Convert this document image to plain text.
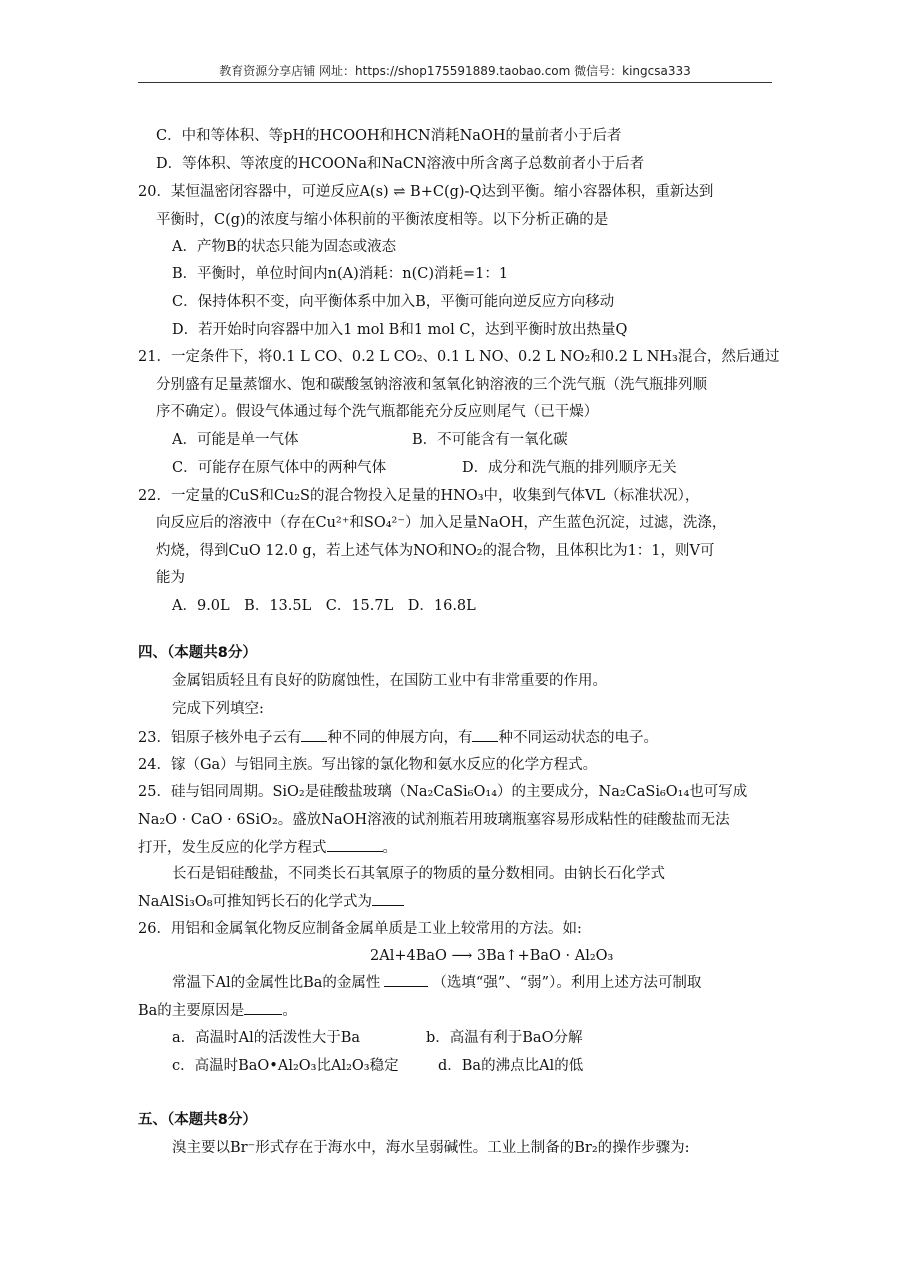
教育资源分享店铺 网址：https://shop175591889.taobao.com 微信号：kingcsa333
C．中和等体积、等pH的HCOOH和HCN消耗NaOH的量前者小于后者
D．等体积、等浓度的HCOONa和NaCN溶液中所含离子总数前者小于后者
20．某恒温密闭容器中，可逆反应A(s) ⇌ B+C(g)-Q达到平衡。缩小容器体积，重新达到
平衡时，C(g)的浓度与缩小体积前的平衡浓度相等。以下分析正确的是
A．产物B的状态只能为固态或液态
B．平衡时，单位时间内n(A)消耗：n(C)消耗=1：1
C．保持体积不变，向平衡体系中加入B，平衡可能向逆反应方向移动
D．若开始时向容器中加入1 mol B和1 mol C，达到平衡时放出热量Q
21．一定条件下，将0.1 L CO、0.2 L CO₂、0.1 L NO、0.2 L NO₂和0.2 L NH₃混合，然后通过
分别盛有足量蒸馏水、饱和碳酸氢钠溶液和氢氧化钠溶液的三个洗气瓶（洗气瓶排列顺
序不确定）。假设气体通过每个洗气瓶都能充分反应则尾气（已干燥）
A．可能是单一气体	B．不可能含有一氧化碳
C．可能存在原气体中的两种气体	D．成分和洗气瓶的排列顺序无关
22．一定量的CuS和Cu₂S的混合物投入足量的HNO₃中，收集到气体VL（标准状况），
向反应后的溶液中（存在Cu²⁺和SO₄²⁻）加入足量NaOH，产生蓝色沉淀，过滤，洗涤，
灼烧，得到CuO 12.0 g，若上述气体为NO和NO₂的混合物，且体积比为1：1，则V可
能为
A．9.0L　B．13.5L　C．15.7L　D．16.8L
四、（本题共8分）
金属铝质轻且有良好的防腐蚀性，在国防工业中有非常重要的作用。
完成下列填空:
23．铝原子核外电子云有 种不同的伸展方向，有 种不同运动状态的电子。
24．镓（Ga）与铝同主族。写出镓的氯化物和氨水反应的化学方程式。
25．硅与铝同周期。SiO₂是硅酸盐玻璃（Na₂CaSi₆O₁₄）的主要成分，Na₂CaSi₆O₁₄也可写成
Na₂O · CaO · 6SiO₂。盛放NaOH溶液的试剂瓶若用玻璃瓶塞容易形成粘性的硅酸盐而无法
打开，发生反应的化学方程式	。
长石是铝硅酸盐，不同类长石其氧原子的物质的量分数相同。由钠长石化学式
NaAlSi₃O₈可推知钙长石的化学式为
26．用铝和金属氧化物反应制备金属单质是工业上较常用的方法。如:
2Al+4BaO ⟶ 3Ba↑+BaO · Al₂O₃
常温下Al的金属性比Ba的金属性	（选填“强”、“弱”）。利用上述方法可制取
Ba的主要原因是	。
a．高温时Al的活泼性大于Ba	b．高温有利于BaO分解
c．高温时BaO•Al₂O₃比Al₂O₃稳定	d．Ba的沸点比Al的低
五、（本题共8分）
溴主要以Br⁻形式存在于海水中，海水呈弱碱性。工业上制备的Br₂的操作步骤为:
